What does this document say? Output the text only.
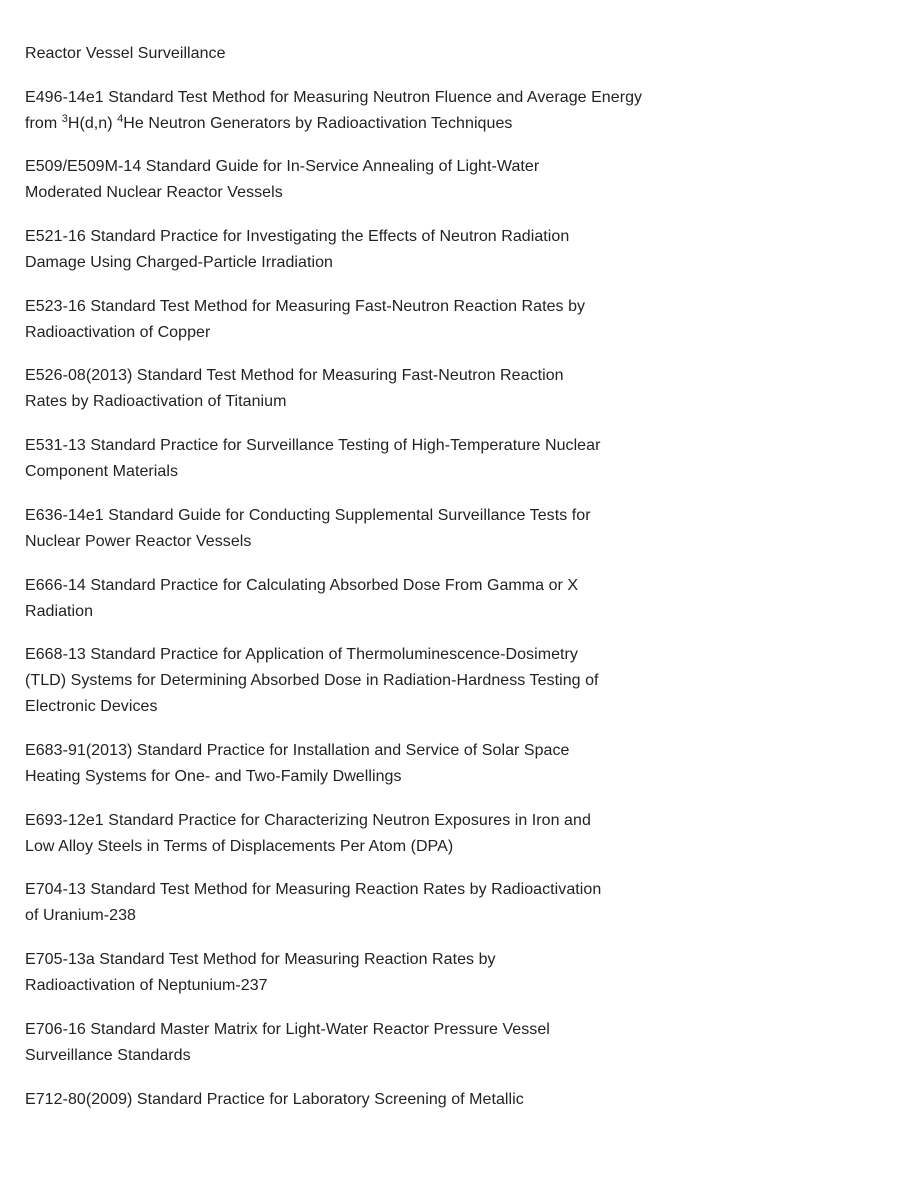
Reactor Vessel Surveillance
E496-14e1 Standard Test Method for Measuring Neutron Fluence and Average Energy
from $^3$H(d,n) $^4$He Neutron Generators by Radioactivation Techniques
E509/E509M-14 Standard Guide for In-Service Annealing of Light-Water
Moderated Nuclear Reactor Vessels
E521-16 Standard Practice for Investigating the Effects of Neutron Radiation
Damage Using Charged-Particle Irradiation
E523-16 Standard Test Method for Measuring Fast-Neutron Reaction Rates by
Radioactivation of Copper
E526-08(2013) Standard Test Method for Measuring Fast-Neutron Reaction
Rates by Radioactivation of Titanium
E531-13 Standard Practice for Surveillance Testing of High-Temperature Nuclear
Component Materials
E636-14e1 Standard Guide for Conducting Supplemental Surveillance Tests for
Nuclear Power Reactor Vessels
E666-14 Standard Practice for Calculating Absorbed Dose From Gamma or X
Radiation
E668-13 Standard Practice for Application of Thermoluminescence-Dosimetry
(TLD) Systems for Determining Absorbed Dose in Radiation-Hardness Testing of
Electronic Devices
E683-91(2013) Standard Practice for Installation and Service of Solar Space
Heating Systems for One- and Two-Family Dwellings
E693-12e1 Standard Practice for Characterizing Neutron Exposures in Iron and
Low Alloy Steels in Terms of Displacements Per Atom (DPA)
E704-13 Standard Test Method for Measuring Reaction Rates by Radioactivation
of Uranium-238
E705-13a Standard Test Method for Measuring Reaction Rates by
Radioactivation of Neptunium-237
E706-16 Standard Master Matrix for Light-Water Reactor Pressure Vessel
Surveillance Standards
E712-80(2009) Standard Practice for Laboratory Screening of Metallic
